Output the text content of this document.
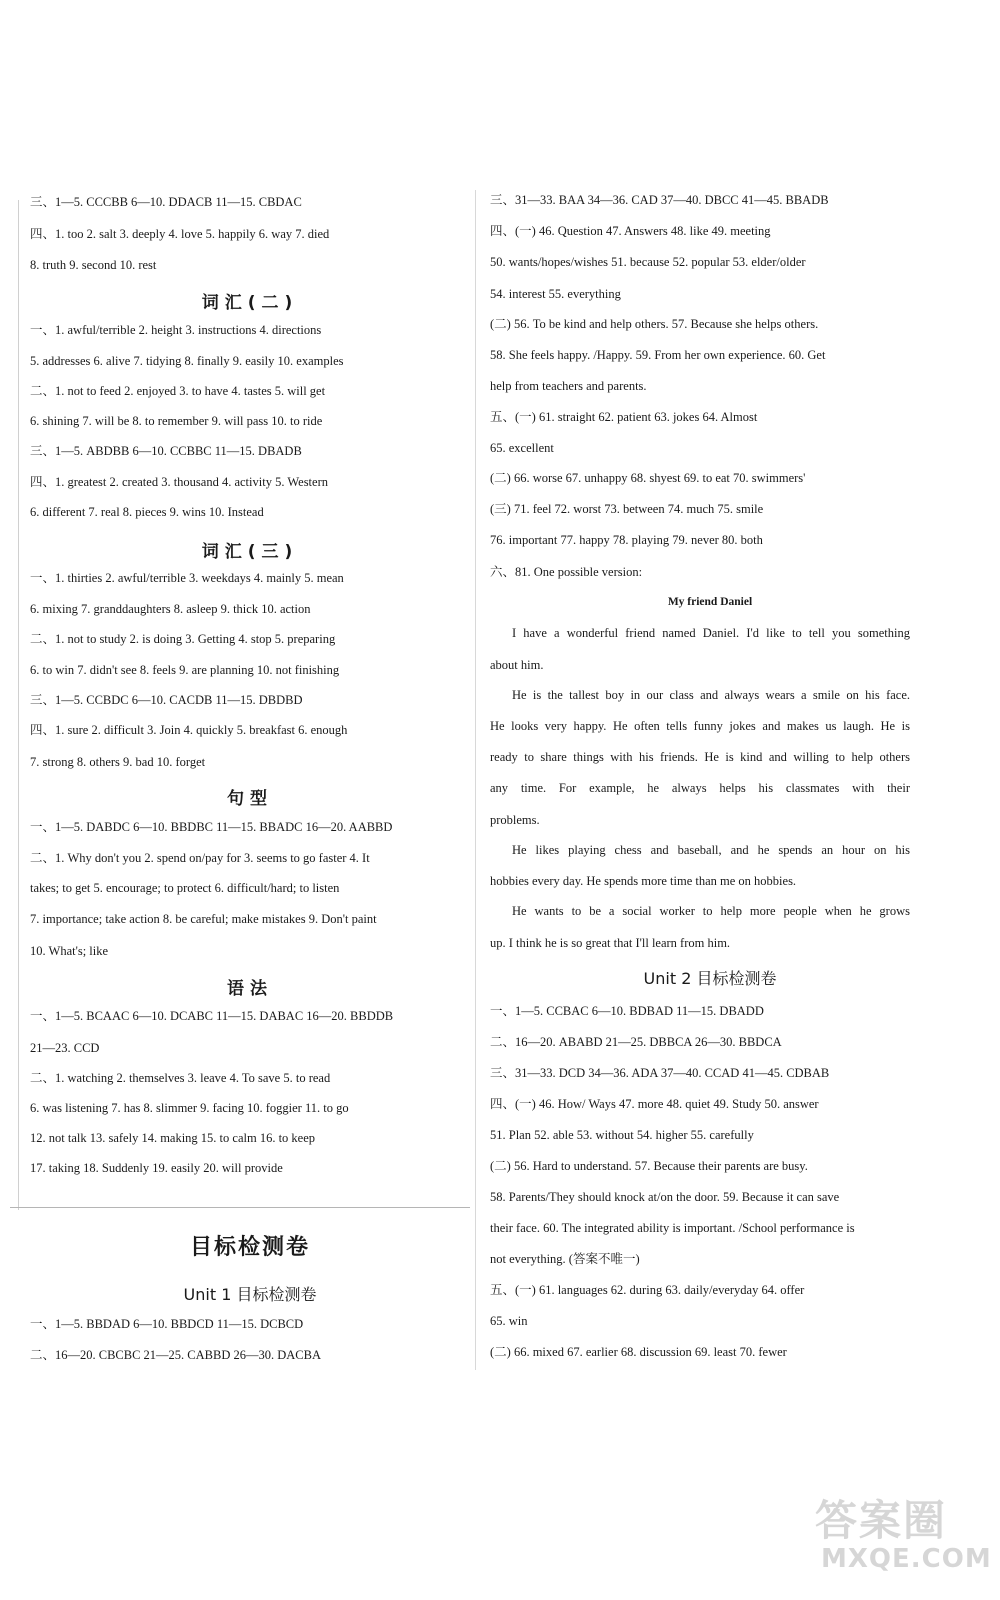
三、1—5. CCCBB 6—10. DDACB 11—15. CBDAC
四、1. too 2. salt 3. deeply 4. love 5. happily 6. way 7. died
8. truth 9. second 10. rest
词汇(二)
一、1. awful/terrible 2. height 3. instructions 4. directions
5. addresses 6. alive 7. tidying 8. finally 9. easily 10. examples
二、1. not to feed 2. enjoyed 3. to have 4. tastes 5. will get
6. shining 7. will be 8. to remember 9. will pass 10. to ride
三、1—5. ABDBB 6—10. CCBBC 11—15. DBADB
四、1. greatest 2. created 3. thousand 4. activity 5. Western
6. different 7. real 8. pieces 9. wins 10. Instead
词汇(三)
一、1. thirties 2. awful/terrible 3. weekdays 4. mainly 5. mean
6. mixing 7. granddaughters 8. asleep 9. thick 10. action
二、1. not to study 2. is doing 3. Getting 4. stop 5. preparing
6. to win 7. didn't see 8. feels 9. are planning 10. not finishing
三、1—5. CCBDC 6—10. CACDB 11—15. DBDBD
四、1. sure 2. difficult 3. Join 4. quickly 5. breakfast 6. enough
7. strong 8. others 9. bad 10. forget
句型
一、1—5. DABDC 6—10. BBDBC 11—15. BBADC 16—20. AABBD
二、1. Why don't you 2. spend on/pay for 3. seems to go faster 4. It
takes; to get 5. encourage; to protect 6. difficult/hard; to listen
7. importance; take action 8. be careful; make mistakes 9. Don't paint
10. What's; like
语法
一、1—5. BCAAC 6—10. DCABC 11—15. DABAC 16—20. BBDDB
21—23. CCD
二、1. watching 2. themselves 3. leave 4. To save 5. to read
6. was listening 7. has 8. slimmer 9. facing 10. foggier 11. to go
12. not talk 13. safely 14. making 15. to calm 16. to keep
17. taking 18. Suddenly 19. easily 20. will provide
目标检测卷
Unit 1 目标检测卷
一、1—5. BBDAD 6—10. BBDCD 11—15. DCBCD
二、16—20. CBCBC 21—25. CABBD 26—30. DACBA
三、31—33. BAA 34—36. CAD 37—40. DBCC 41—45. BBADB
四、(一) 46. Question 47. Answers 48. like 49. meeting
50. wants/hopes/wishes 51. because 52. popular 53. elder/older
54. interest 55. everything
(二) 56. To be kind and help others. 57. Because she helps others.
58. She feels happy. /Happy. 59. From her own experience. 60. Get
help from teachers and parents.
五、(一) 61. straight 62. patient 63. jokes 64. Almost
65. excellent
(二) 66. worse 67. unhappy 68. shyest 69. to eat 70. swimmers'
(三) 71. feel 72. worst 73. between 74. much 75. smile
76. important 77. happy 78. playing 79. never 80. both
六、81. One possible version:
My friend Daniel
I have a wonderful friend named Daniel. I'd like to tell you something
about him.
He is the tallest boy in our class and always wears a smile on his face.
He looks very happy. He often tells funny jokes and makes us laugh. He is
ready to share things with his friends. He is kind and willing to help others
any time. For example, he always helps his classmates with their
problems.
He likes playing chess and baseball, and he spends an hour on his
hobbies every day. He spends more time than me on hobbies.
He wants to be a social worker to help more people when he grows
up. I think he is so great that I'll learn from him.
Unit 2 目标检测卷
一、1—5. CCBAC 6—10. BDBAD 11—15. DBADD
二、16—20. ABABD 21—25. DBBCA 26—30. BBDCA
三、31—33. DCD 34—36. ADA 37—40. CCAD 41—45. CDBAB
四、(一) 46. How/ Ways 47. more 48. quiet 49. Study 50. answer
51. Plan 52. able 53. without 54. higher 55. carefully
(二) 56. Hard to understand. 57. Because their parents are busy.
58. Parents/They should knock at/on the door. 59. Because it can save
their face. 60. The integrated ability is important. /School performance is
not everything. (答案不唯一)
五、(一) 61. languages 62. during 63. daily/everyday 64. offer
65. win
(二) 66. mixed 67. earlier 68. discussion 69. least 70. fewer
答案圈
MXQE.COM
